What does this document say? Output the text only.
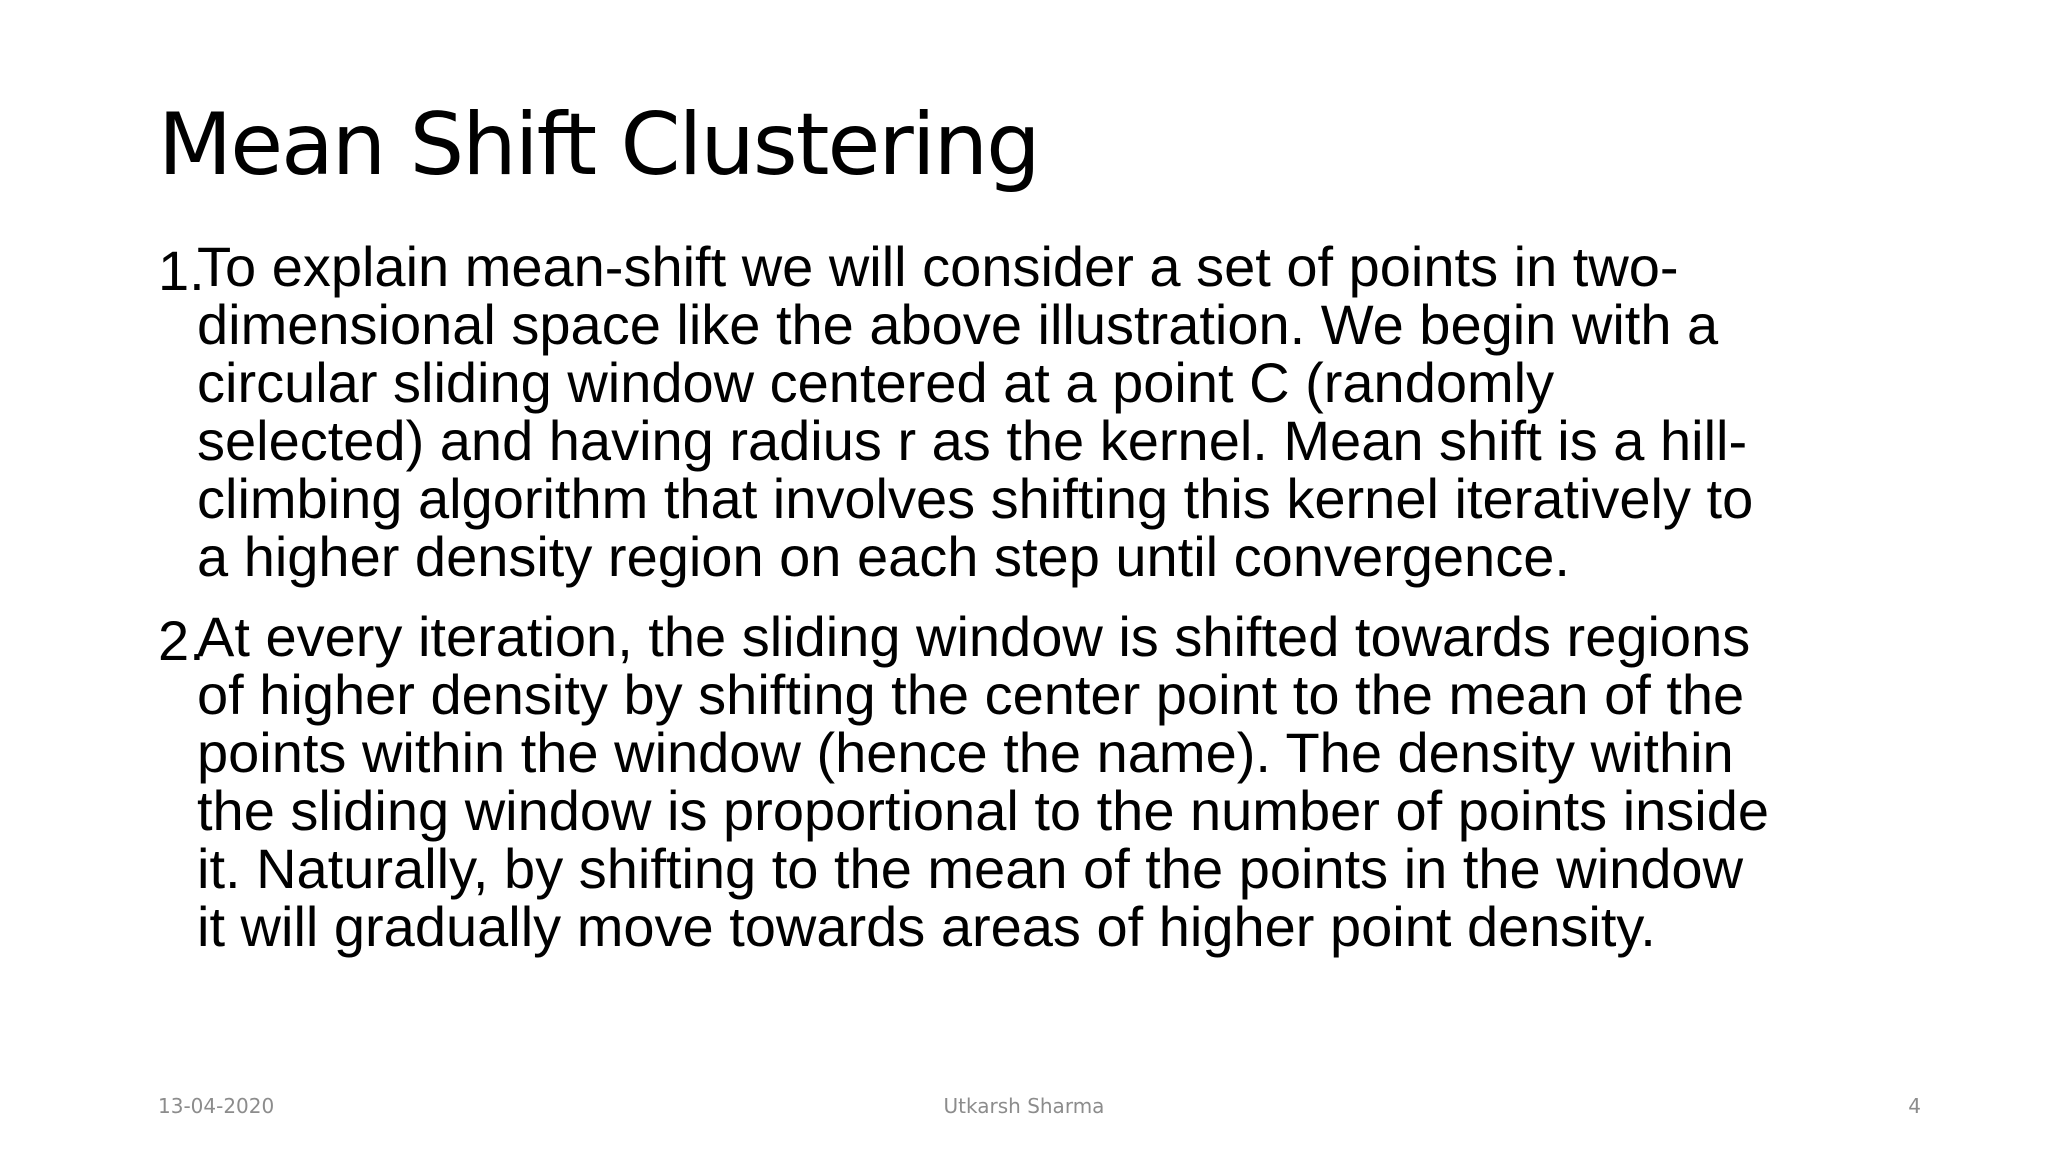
Mean Shift Clustering
1.
To explain mean-shift we will consider a set of points in two-
dimensional space like the above illustration. We begin with a
circular sliding window centered at a point C (randomly
selected) and having radius r as the kernel. Mean shift is a hill-
climbing algorithm that involves shifting this kernel iteratively to
a higher density region on each step until convergence.
2.
At every iteration, the sliding window is shifted towards regions
of higher density by shifting the center point to the mean of the
points within the window (hence the name). The density within
the sliding window is proportional to the number of points inside
it. Naturally, by shifting to the mean of the points in the window
it will gradually move towards areas of higher point density.
13-04-2020	Utkarsh Sharma	4
